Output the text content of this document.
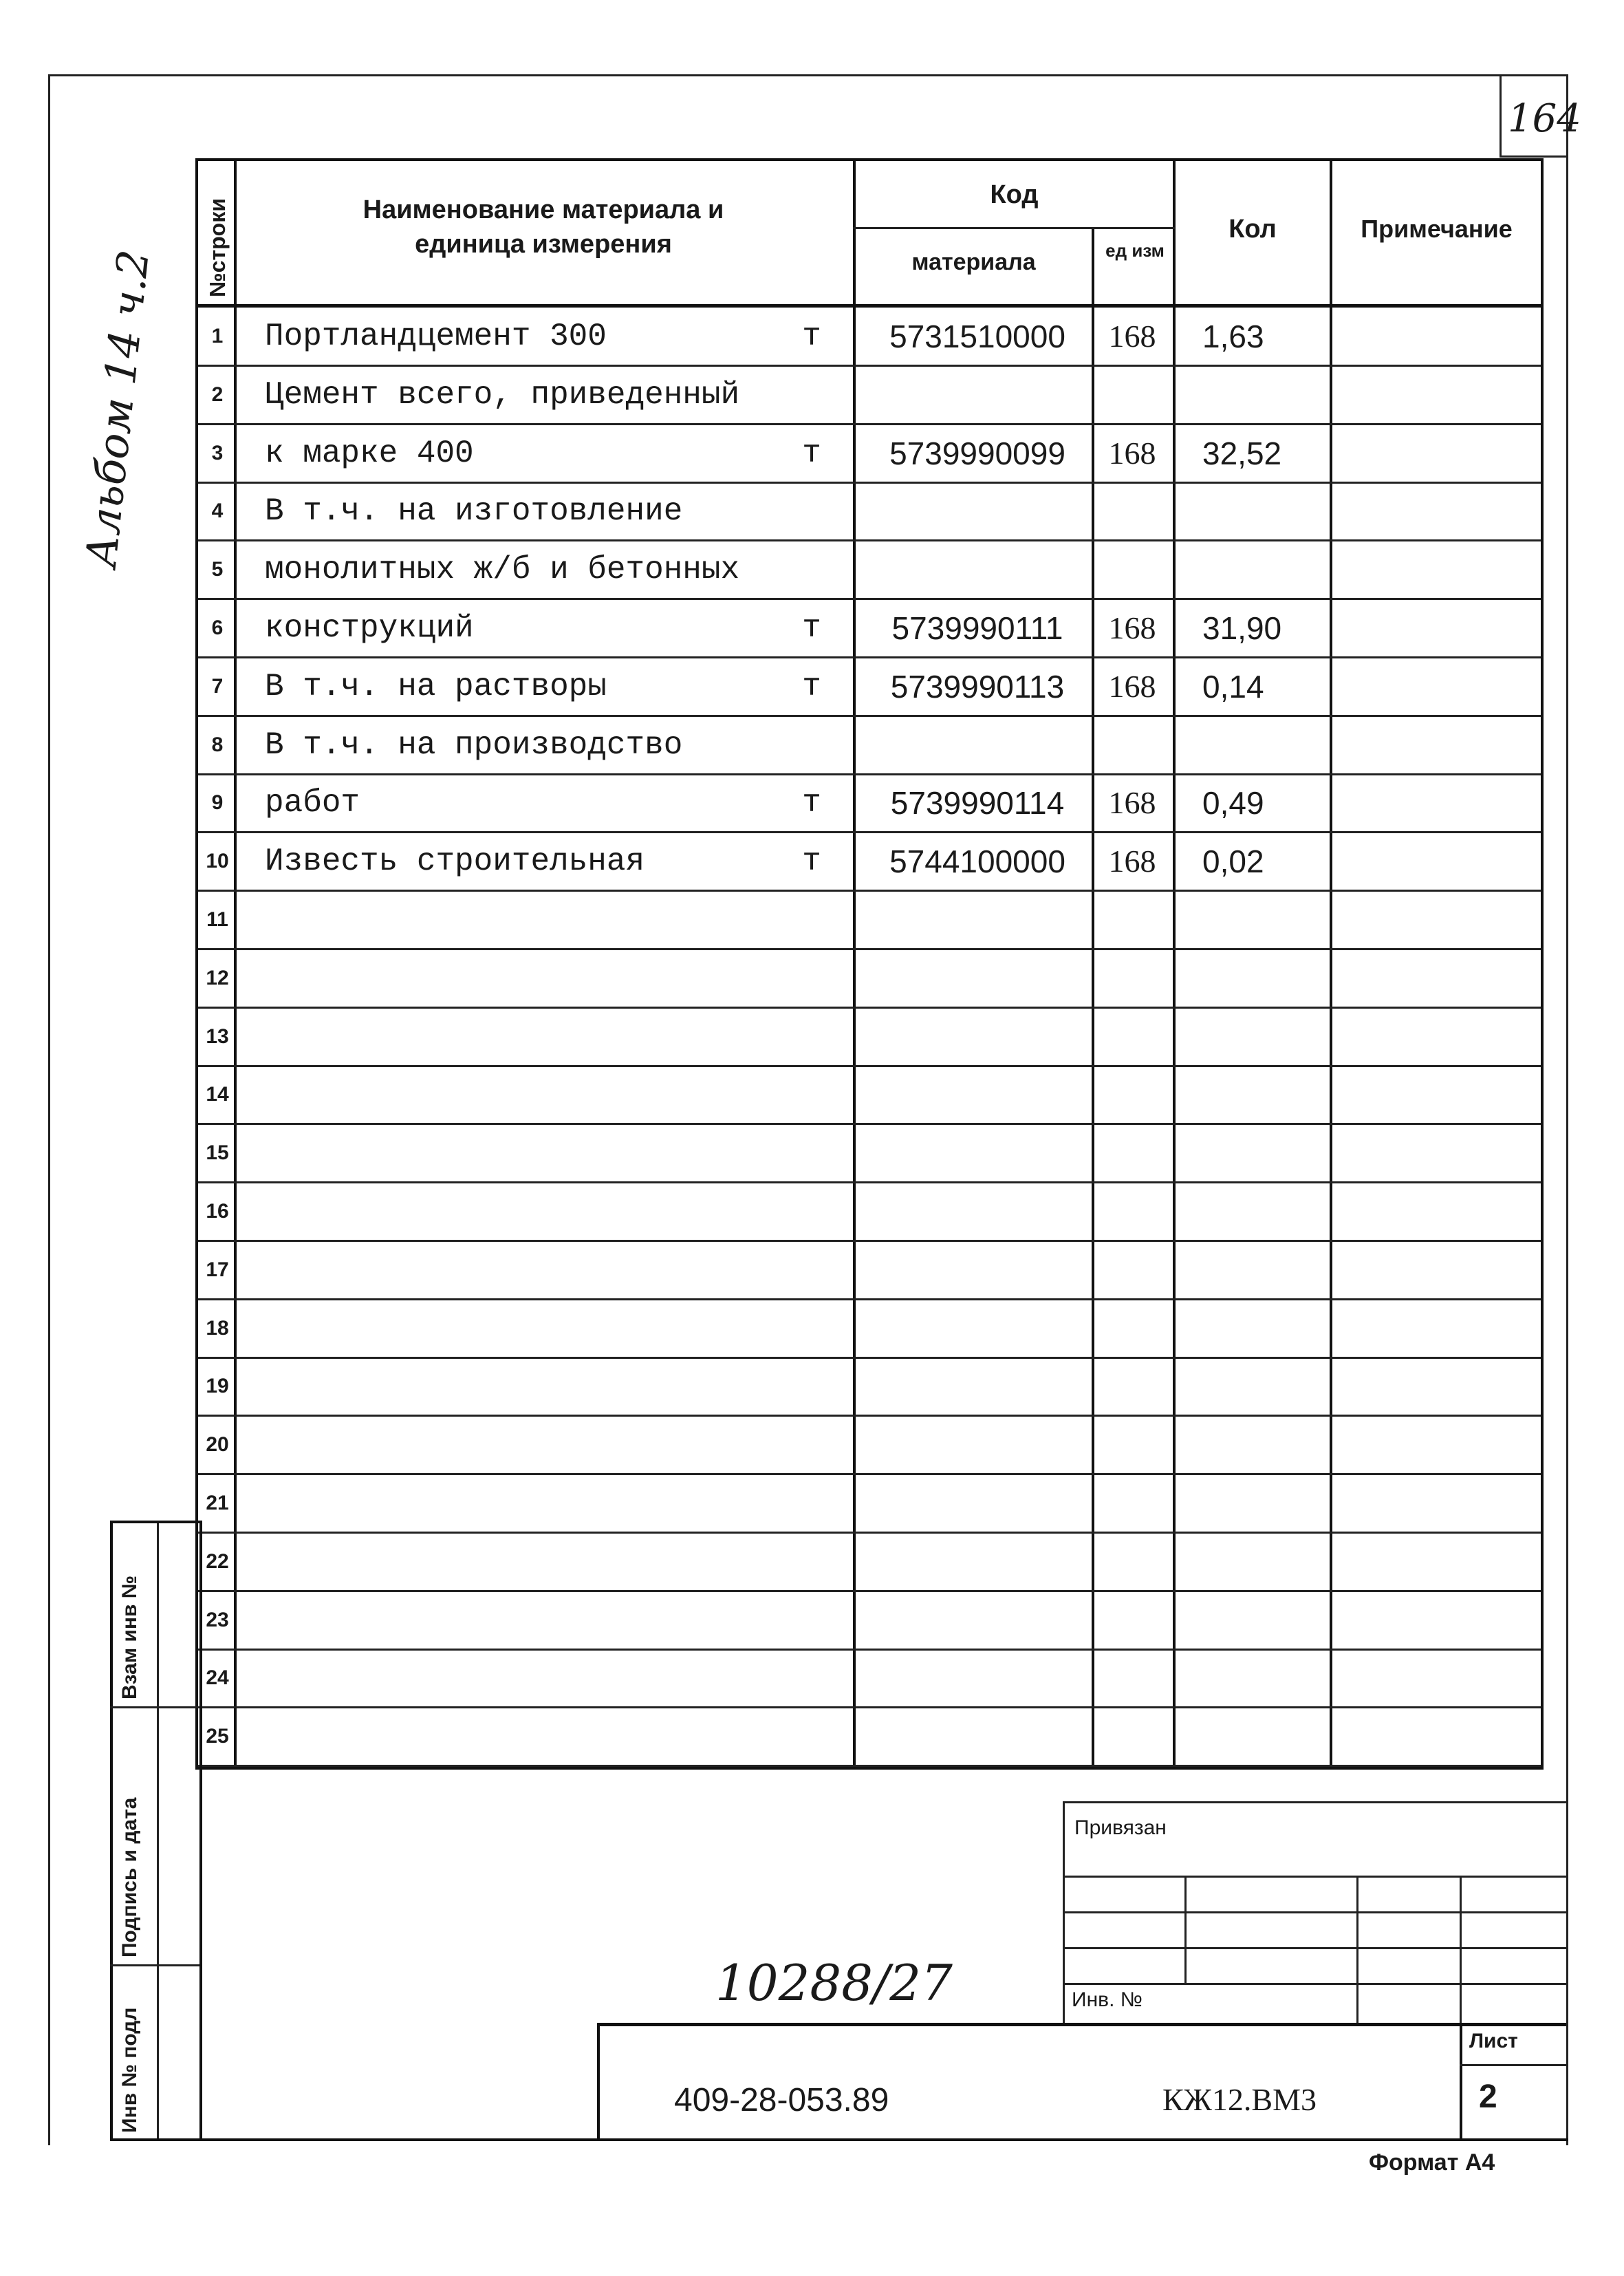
164
Альбом 14 ч.2 №строки	Наименование материала и единица измерения
Код
материала	ед изм
Кол	Примечание
1 Портландцемент 300	т	5731510000	168	1,63
2 Цемент всего, приведенный
3 к марке 400	т	5739990099	168	32,52
4 В т.ч. на изготовление
5 монолитных ж/б и бетонных
6 конструкций	т	5739990111	168	31,90
7 В т.ч. на растворы	т	5739990113	168	0,14
8 В т.ч. на производство
9 работ	т	5739990114	168	0,49
10 Известь строительная	т	5744100000	168	0,02
11
12
13
14
15
16
17
18
19
20
21
22
23
24
25
Взам инв №
Подпись и дата
Инв № подл
10288/27
Привязан
Инв. №
Лист
2
409-28-053.89	КЖ12.ВМ3
Формат А4
